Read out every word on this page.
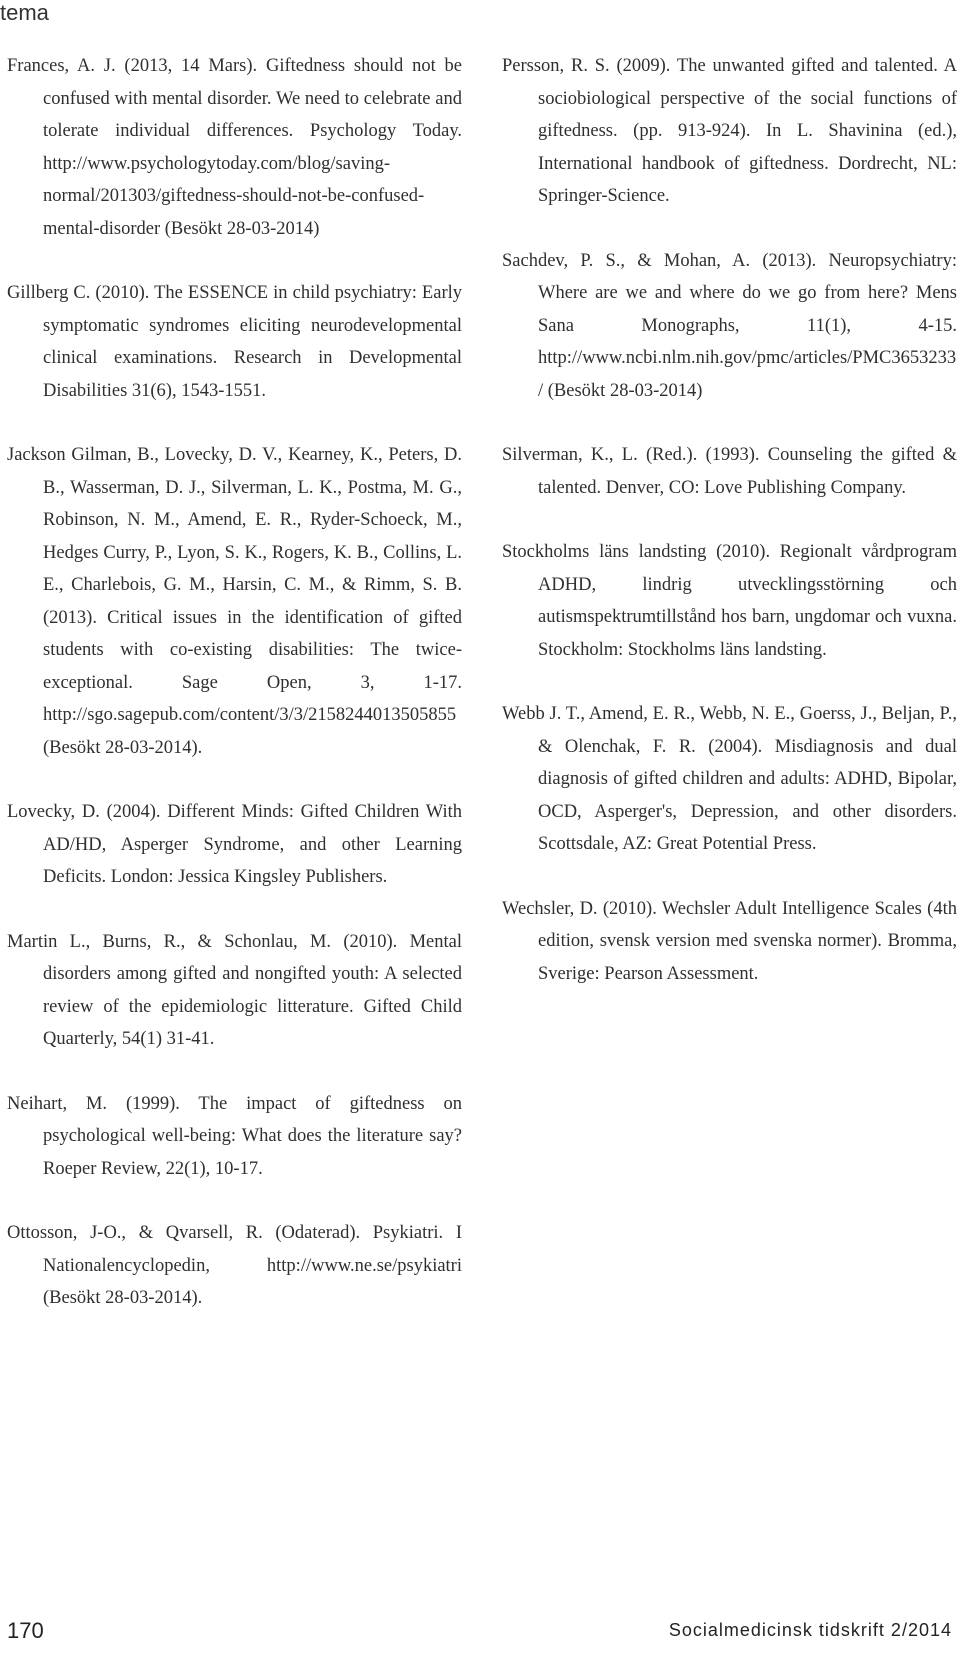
tema

Frances, A. J. (2013, 14 Mars). Giftedness should not be confused with mental disorder. We need to celebrate and tolerate individual differences. Psychology Today. http://www.psychologytoday.com/blog/saving-normal/201303/giftedness-should-not-be-confused-mental-disorder (Besökt 28-03-2014)

Gillberg C. (2010). The ESSENCE in child psychiatry: Early symptomatic syndromes eliciting neurodevelopmental clinical examinations. Research in Developmental Disabilities 31(6), 1543-1551.

Jackson Gilman, B., Lovecky, D. V., Kearney, K., Peters, D. B., Wasserman, D. J., Silverman, L. K., Postma, M. G., Robinson, N. M., Amend, E. R., Ryder-Schoeck, M., Hedges Curry, P., Lyon, S. K., Rogers, K. B., Collins, L. E., Charlebois, G. M., Harsin, C. M., & Rimm, S. B. (2013). Critical issues in the identification of gifted students with co-existing disabilities: The twice-exceptional. Sage Open, 3, 1-17. http://sgo.sagepub.com/content/3/3/2158244013505855 (Besökt 28-03-2014).

Lovecky, D. (2004). Different Minds: Gifted Children With AD/HD, Asperger Syndrome, and other Learning Deficits. London: Jessica Kingsley Publishers.

Martin L., Burns, R., & Schonlau, M. (2010). Mental disorders among gifted and nongifted youth: A selected review of the epidemiologic litterature. Gifted Child Quarterly, 54(1) 31-41.

Neihart, M. (1999). The impact of giftedness on psychological well-being: What does the literature say? Roeper Review, 22(1), 10-17.

Ottosson, J-O., & Qvarsell, R. (Odaterad). Psykiatri. I Nationalencyclopedin, http://www.ne.se/psykiatri (Besökt 28-03-2014).

Persson, R. S. (2009). The unwanted gifted and talented. A sociobiological perspective of the social functions of giftedness. (pp. 913-924). In L. Shavinina (ed.), International handbook of giftedness. Dordrecht, NL: Springer-Science.

Sachdev, P. S., & Mohan, A. (2013). Neuropsychiatry: Where are we and where do we go from here? Mens Sana Monographs, 11(1), 4-15. http://www.ncbi.nlm.nih.gov/pmc/articles/PMC3653233/ (Besökt 28-03-2014)

Silverman, K., L. (Red.). (1993). Counseling the gifted & talented. Denver, CO: Love Publishing Company.

Stockholms läns landsting (2010). Regionalt vårdprogram ADHD, lindrig utvecklingsstörning och autismspektrumtillstånd hos barn, ungdomar och vuxna. Stockholm: Stockholms läns landsting.

Webb J. T., Amend, E. R., Webb, N. E., Goerss, J., Beljan, P., & Olenchak, F. R. (2004). Misdiagnosis and dual diagnosis of gifted children and adults: ADHD, Bipolar, OCD, Asperger's, Depression, and other disorders. Scottsdale, AZ: Great Potential Press.

Wechsler, D. (2010). Wechsler Adult Intelligence Scales (4th edition, svensk version med svenska normer). Bromma, Sverige: Pearson Assessment.

170	Socialmedicinsk tidskrift 2/2014
